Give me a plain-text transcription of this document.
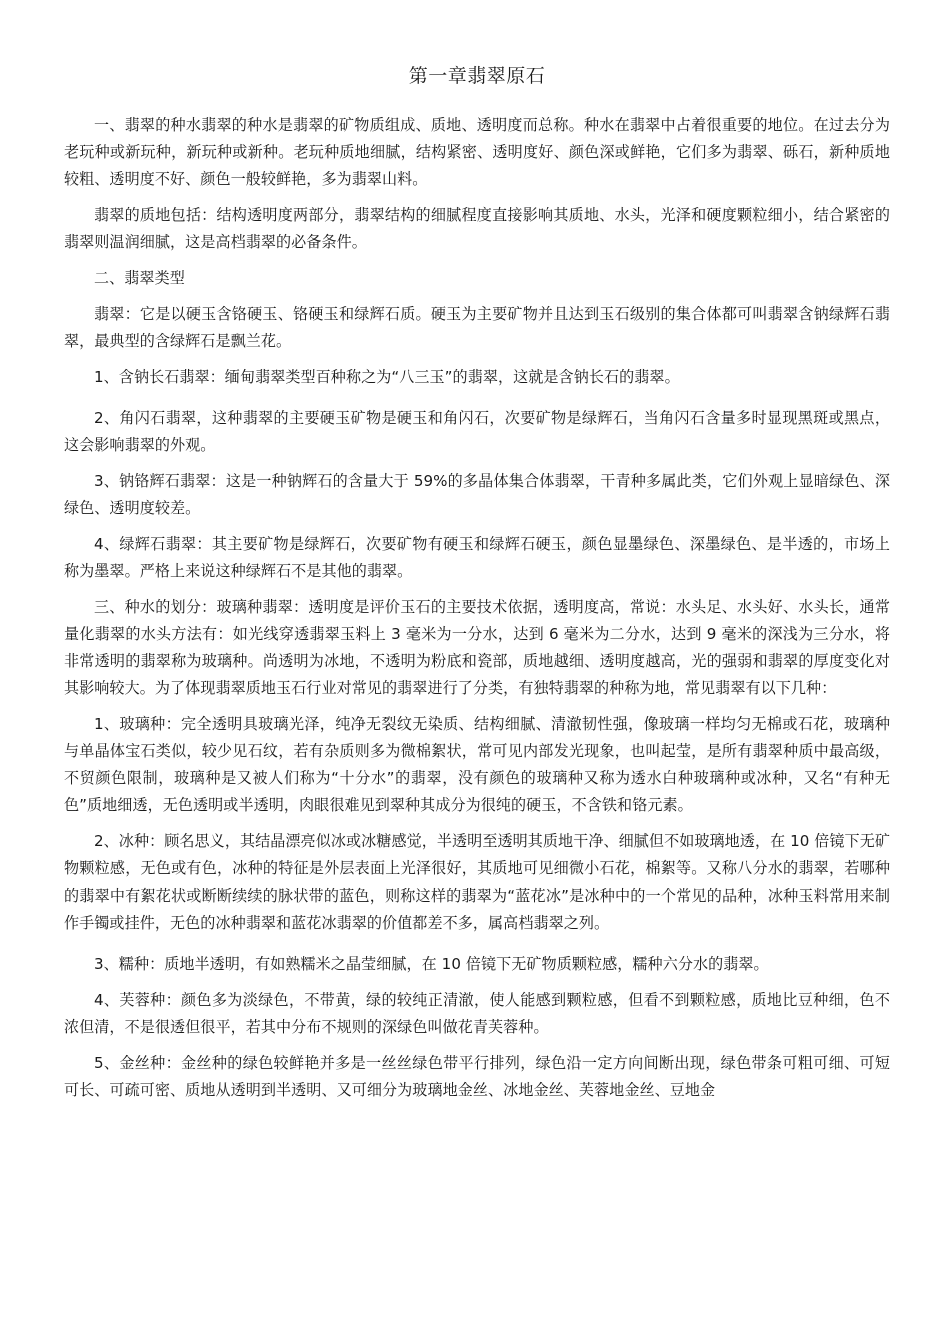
第一章翡翠原石

一、翡翠的种水翡翠的种水是翡翠的矿物质组成、质地、透明度而总称。种水在翡翠中占着很重要的地位。在过去分为老玩种或新玩种，新玩种或新种。老玩种质地细腻，结构紧密、透明度好、颜色深或鲜艳，它们多为翡翠、砾石，新种质地较粗、透明度不好、颜色一般较鲜艳，多为翡翠山料。

翡翠的质地包括：结构透明度两部分，翡翠结构的细腻程度直接影响其质地、水头，光泽和硬度颗粒细小，结合紧密的翡翠则温润细腻，这是高档翡翠的必备条件。

二、翡翠类型

翡翠：它是以硬玉含铬硬玉、铬硬玉和绿辉石质。硬玉为主要矿物并且达到玉石级别的集合体都可叫翡翠含钠绿辉石翡翠，最典型的含绿辉石是飘兰花。

1、含钠长石翡翠：缅甸翡翠类型百种称之为“八三玉”的翡翠，这就是含钠长石的翡翠。

2、角闪石翡翠，这种翡翠的主要硬玉矿物是硬玉和角闪石，次要矿物是绿辉石，当角闪石含量多时显现黑斑或黑点，这会影响翡翠的外观。

3、钠铬辉石翡翠：这是一种钠辉石的含量大于 59%的多晶体集合体翡翠，干青种多属此类，它们外观上显暗绿色、深绿色、透明度较差。

4、绿辉石翡翠：其主要矿物是绿辉石，次要矿物有硬玉和绿辉石硬玉，颜色显墨绿色、深墨绿色、是半透的，市场上称为墨翠。严格上来说这种绿辉石不是其他的翡翠。

三、种水的划分：玻璃种翡翠：透明度是评价玉石的主要技术依据，透明度高，常说：水头足、水头好、水头长，通常量化翡翠的水头方法有：如光线穿透翡翠玉料上 3 毫米为一分水，达到 6 毫米为二分水，达到 9 毫米的深浅为三分水，将非常透明的翡翠称为玻璃种。尚透明为冰地，不透明为粉底和瓷部，质地越细、透明度越高，光的强弱和翡翠的厚度变化对其影响较大。为了体现翡翠质地玉石行业对常见的翡翠进行了分类，有独特翡翠的种称为地，常见翡翠有以下几种：

1、玻璃种：完全透明具玻璃光泽，纯净无裂纹无染质、结构细腻、清澈韧性强，像玻璃一样均匀无棉或石花，玻璃种与单晶体宝石类似，较少见石纹，若有杂质则多为微棉絮状，常可见内部发光现象，也叫起莹，是所有翡翠种质中最高级，不贸颜色限制，玻璃种是又被人们称为“十分水”的翡翠，没有颜色的玻璃种又称为透水白种玻璃种或冰种，又名“有种无色”质地细透，无色透明或半透明，肉眼很难见到翠种其成分为很纯的硬玉，不含铁和铬元素。

2、冰种：顾名思义，其结晶漂亮似冰或冰糖感觉，半透明至透明其质地干净、细腻但不如玻璃地透，在 10 倍镜下无矿物颗粒感，无色或有色，冰种的特征是外层表面上光泽很好，其质地可见细微小石花，棉絮等。又称八分水的翡翠，若哪种的翡翠中有絮花状或断断续续的脉状带的蓝色，则称这样的翡翠为“蓝花冰”是冰种中的一个常见的品种，冰种玉料常用来制作手镯或挂件，无色的冰种翡翠和蓝花冰翡翠的价值都差不多，属高档翡翠之列。

3、糯种：质地半透明，有如熟糯米之晶莹细腻，在 10 倍镜下无矿物质颗粒感，糯种六分水的翡翠。

4、芙蓉种：颜色多为淡绿色，不带黄，绿的较纯正清澈，使人能感到颗粒感，但看不到颗粒感，质地比豆种细，色不浓但清，不是很透但很平，若其中分布不规则的深绿色叫做花青芙蓉种。

5、金丝种：金丝种的绿色较鲜艳并多是一丝丝绿色带平行排列，绿色沿一定方向间断出现，绿色带条可粗可细、可短可长、可疏可密、质地从透明到半透明、又可细分为玻璃地金丝、冰地金丝、芙蓉地金丝、豆地金
